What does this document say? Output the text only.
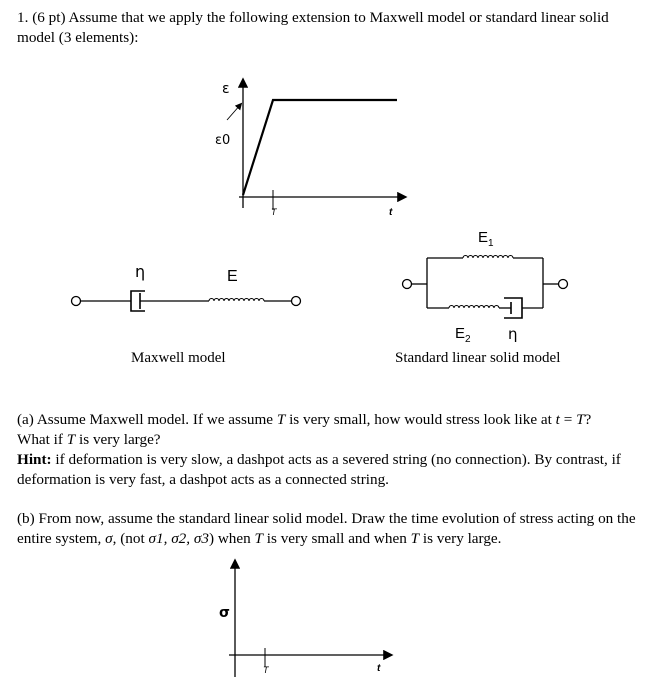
1. (6 pt) Assume that we apply the following extension to Maxwell model or standard linear solid
model (3 elements):

ε
ε0
T	t
η	E
Maxwell model
$E_1$
$E_2$ η
Standard linear solid model

(a) Assume Maxwell model. If we assume T is very small, how would stress look like at t = T?
What if T is very large?
Hint: if deformation is very slow, a dashpot acts as a severed string (no connection). By contrast, if deformation is very fast, a dashpot acts as a connected string.

(b) From now, assume the standard linear solid model. Draw the time evolution of stress acting on the entire system, σ, (not σ1, σ2, σ3) when T is very small and when T is very large.

σ
T	t
